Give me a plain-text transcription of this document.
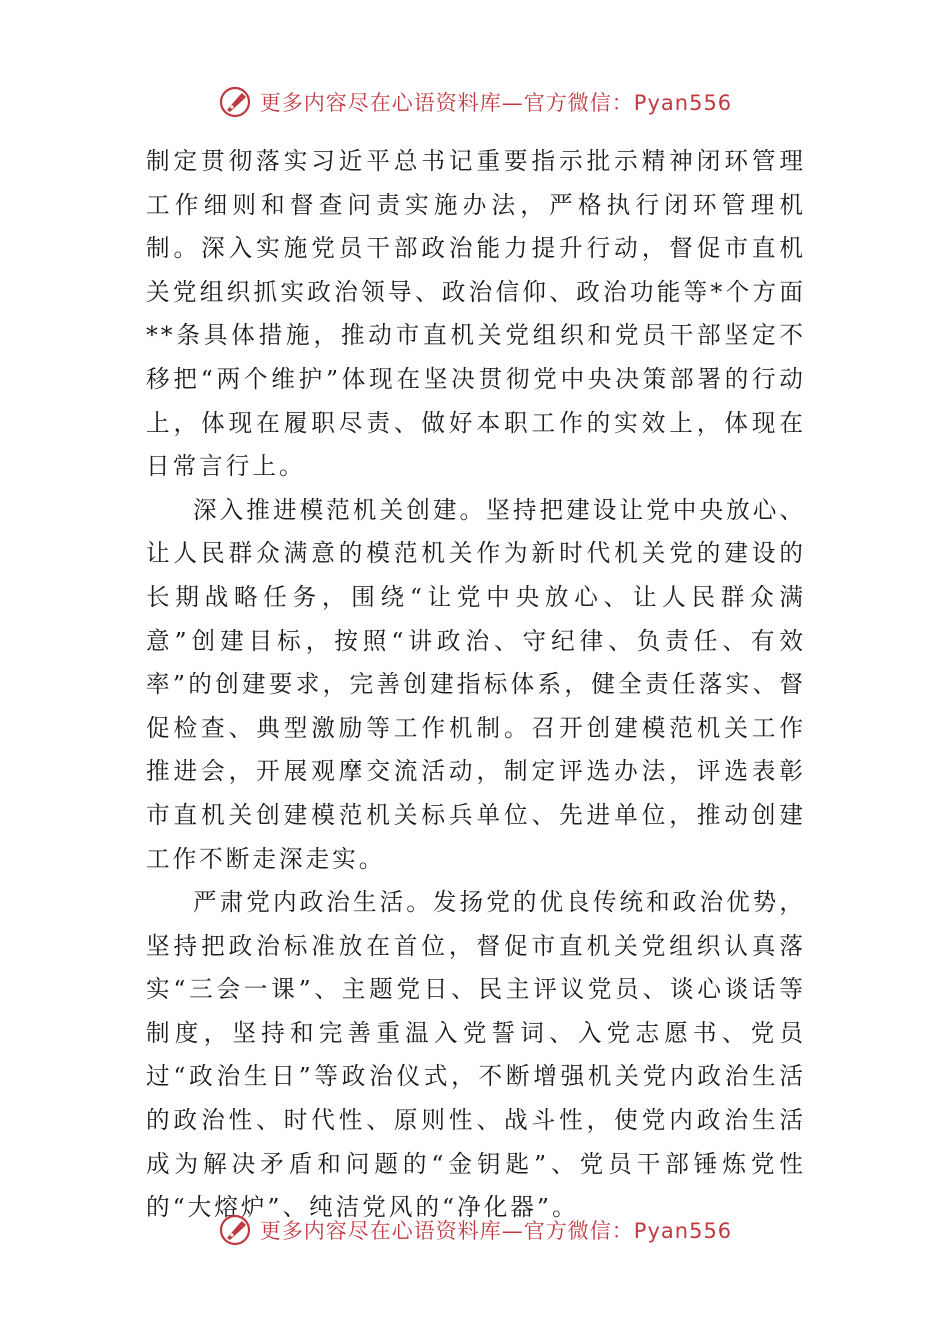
更多内容尽在心语资料库—官方微信：Pyan556

制定贯彻落实习近平总书记重要指示批示精神闭环管理工作细则和督查问责实施办法，严格执行闭环管理机制。深入实施党员干部政治能力提升行动，督促市直机关党组织抓实政治领导、政治信仰、政治功能等*个方面**条具体措施，推动市直机关党组织和党员干部坚定不移把“两个维护”体现在坚决贯彻党中央决策部署的行动上，体现在履职尽责、做好本职工作的实效上，体现在日常言行上。

深入推进模范机关创建。坚持把建设让党中央放心、让人民群众满意的模范机关作为新时代机关党的建设的长期战略任务，围绕“让党中央放心、让人民群众满意”创建目标，按照“讲政治、守纪律、负责任、有效率”的创建要求，完善创建指标体系，健全责任落实、督促检查、典型激励等工作机制。召开创建模范机关工作推进会，开展观摩交流活动，制定评选办法，评选表彰市直机关创建模范机关标兵单位、先进单位，推动创建工作不断走深走实。

严肃党内政治生活。发扬党的优良传统和政治优势，坚持把政治标准放在首位，督促市直机关党组织认真落实“三会一课”、主题党日、民主评议党员、谈心谈话等制度，坚持和完善重温入党誓词、入党志愿书、党员过“政治生日”等政治仪式，不断增强机关党内政治生活的政治性、时代性、原则性、战斗性，使党内政治生活成为解决矛盾和问题的“金钥匙”、党员干部锤炼党性的“大熔炉”、纯洁党风的“净化器”。

更多内容尽在心语资料库—官方微信：Pyan556
